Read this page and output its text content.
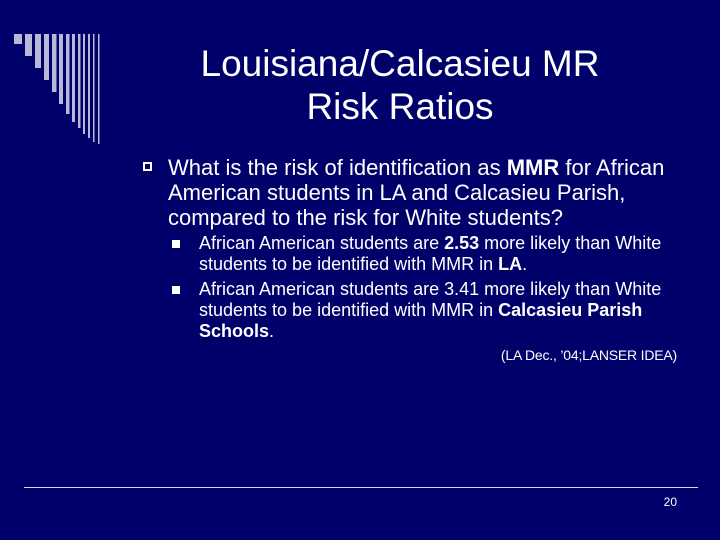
Louisiana/Calcasieu MR
Risk Ratios
What is the risk of identification as MMR for African American students in LA and Calcasieu Parish, compared to the risk for White students?
African American students are 2.53 more likely than White students to be identified with MMR in LA.
African American students are 3.41 more likely than White students to be identified with MMR in Calcasieu Parish Schools.
(LA Dec., ’04;LANSER IDEA)
20
